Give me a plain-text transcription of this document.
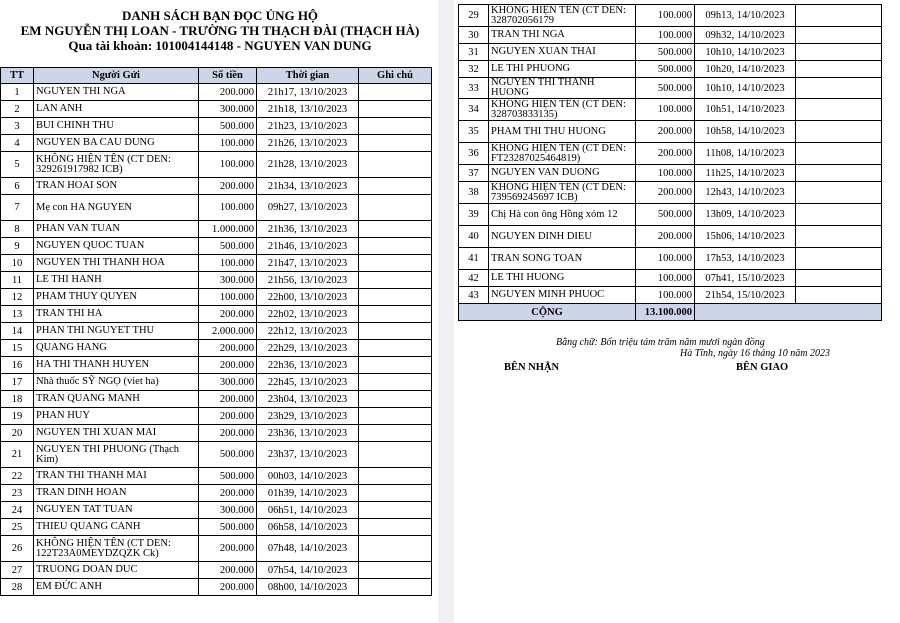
DANH SÁCH BẠN ĐỌC ỦNG HỘ
EM NGUYỄN THỊ LOAN - TRƯỜNG TH THẠCH ĐÀI (THẠCH HÀ)
Qua tài khoản: 101004144148 - NGUYEN VAN DUNG
TT	Người Gửi	Số tiền	Thời gian	Ghi chú
1	NGUYEN THI NGA	200.000	21h17, 13/10/2023	
2	LAN ANH	300.000	21h18, 13/10/2023	
3	BUI CHINH THU	500.000	21h23, 13/10/2023	
4	NGUYEN BA CAU DUNG	100.000	21h26, 13/10/2023	
5	KHÔNG HIỆN TÊN (CT DEN: 329261917982 ICB)	100.000	21h28, 13/10/2023	
6	TRAN HOAI SON	200.000	21h34, 13/10/2023	
7	Mẹ con HA NGUYEN	100.000	09h27, 13/10/2023	
8	PHAN VAN TUAN	1.000.000	21h36, 13/10/2023	
9	NGUYEN QUOC TUAN	500.000	21h46, 13/10/2023	
10	NGUYEN THI THANH HOA	100.000	21h47, 13/10/2023	
11	LE THI HANH	300.000	21h56, 13/10/2023	
12	PHAM THUY QUYEN	100.000	22h00, 13/10/2023	
13	TRAN THI HA	200.000	22h02, 13/10/2023	
14	PHAN THI NGUYET THU	2.000.000	22h12, 13/10/2023	
15	QUANG HANG	200.000	22h29, 13/10/2023	
16	HA THI THANH HUYEN	200.000	22h36, 13/10/2023	
17	Nhà thuốc SỸ NGỌ (viet ha)	300.000	22h45, 13/10/2023	
18	TRAN QUANG MANH	200.000	23h04, 13/10/2023	
19	PHAN HUY	200.000	23h29, 13/10/2023	
20	NGUYEN THI XUAN MAI	200.000	23h36, 13/10/2023	
21	NGUYEN THI PHUONG (Thạch Kim)	500.000	23h37, 13/10/2023	
22	TRAN THI THANH MAI	500.000	00h03, 14/10/2023	
23	TRAN DINH HOAN	200.000	01h39, 14/10/2023	
24	NGUYEN TAT TUAN	300.000	06h51, 14/10/2023	
25	THIEU QUANG CANH	500.000	06h58, 14/10/2023	
26	KHÔNG HIỆN TÊN (CT DEN: 122T23A0MEYDZQZK Ck)	200.000	07h48, 14/10/2023	
27	TRUONG DOAN DUC	200.000	07h54, 14/10/2023	
28	EM ĐỨC ANH	200.000	08h00, 14/10/2023	
29	KHÔNG HIỆN TÊN (CT DEN: 328702056179	100.000	09h13, 14/10/2023	
30	TRAN THI NGA	100.000	09h32, 14/10/2023	
31	NGUYEN XUAN THAI	500.000	10h10, 14/10/2023	
32	LE THI PHUONG	500.000	10h20, 14/10/2023	
33	NGUYEN THI THANH HUONG	500.000	10h10, 14/10/2023	
34	KHÔNG HIỆN TÊN (CT DEN: 328703833135)	100.000	10h51, 14/10/2023	
35	PHAM THI THU HUONG	200.000	10h58, 14/10/2023	
36	KHÔNG HIỆN TÊN (CT DEN: FT23287025464819)	200.000	11h08, 14/10/2023	
37	NGUYEN VAN DUONG	100.000	11h25, 14/10/2023	
38	KHÔNG HIỆN TÊN (CT DEN: 739569245697 ICB)	200.000	12h43, 14/10/2023	
39	Chị Hà con ông Hồng xóm 12	500.000	13h09, 14/10/2023	
40	NGUYEN DINH DIEU	200.000	15h06, 14/10/2023	
41	TRAN SONG TOAN	100.000	17h53, 14/10/2023	
42	LE THI HUONG	100.000	07h41, 15/10/2023	
43	NGUYEN MINH PHUOC	100.000	21h54, 15/10/2023	
CỘNG		13.100.000		
Bằng chữ: Bốn triệu tám trăm năm mươi ngàn đồng
Hà Tĩnh, ngày 16 tháng 10 năm 2023
BÊN NHẬN	BÊN GIAO
